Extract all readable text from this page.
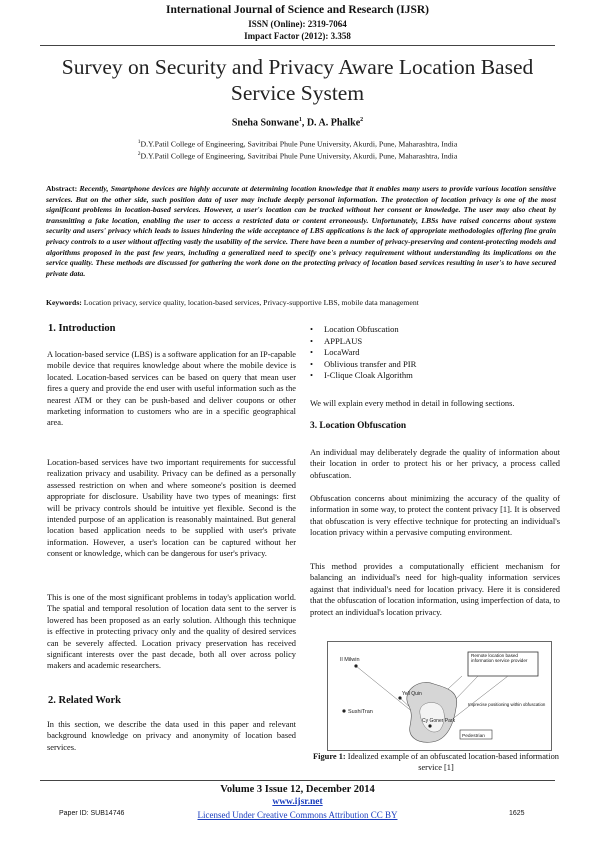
International Journal of Science and Research (IJSR)
ISSN (Online): 2319-7064
Impact Factor (2012): 3.358
Survey on Security and Privacy Aware Location Based Service System
Sneha Sonwane$^1$, D. A. Phalke$^2$
$^1$D.Y.Patil College of Engineering, Savitribai Phule Pune University, Akurdi, Pune, Maharashtra, India
$^2$D.Y.Patil College of Engineering, Savitribai Phule Pune University, Akurdi, Pune, Maharashtra, India
Abstract: Recently, Smartphone devices are highly accurate at determining location knowledge that it enables many users to provide various location sensitive services. But on the other side, such position data of user may include deeply personal information. The protection of location privacy is one of the most significant problems in location-based services. However, a user's location can be tracked without her consent or knowledge. The user may also cheat by transmitting a fake location, enabling the user to access a restricted data or content erroneously. Unfortunately, LBSs have raised concerns about system security and users' privacy which leads to issues hindering the wide acceptance of LBS applications is the lack of appropriate methodologies offering fine grain privacy controls to a user without affecting vastly the usability of the service. There have been a number of privacy-preserving and content-protecting models and algorithms proposed in the past few years, including a generalized need to specify one's privacy requirement without understanding its implications on the service quality. These methods are discussed for gathering the work done on the protecting privacy of location based services resulting in user's to have secured private data.
Keywords: Location privacy, service quality, location-based services, Privacy-supportive LBS, mobile data management
1. Introduction
A location-based service (LBS) is a software application for an IP-capable mobile device that requires knowledge about where the mobile device is located. Location-based services can be based on query that mean user fires a query and provide the end user with useful information such as the nearest ATM or they can be push-based and deliver coupons or other marketing information to customers who are in a specific geographical area.
Location-based services have two important requirements for successful realization privacy and usability. Privacy can be defined as a personally assessed restriction on when and where someone's position is deemed appropriate for disclosure. Usability have two types of meanings: first will be privacy controls should be intuitive yet flexible. Second is the intended purpose of an application is reasonably maintained. But general location based application needs to be supplied with user's private information. However, a user's location can be captured without her consent or knowledge, which can be dangerous for user's privacy.
This is one of the most significant problems in today's application world. The spatial and temporal resolution of location data sent to the server is lowered has been proposed as an early solution. Although this technique is effective in protecting privacy only and the quality of desired services can be severely affected. Location privacy preservation has received significant interests over the past decade, both all over across policy makers and academic researchers.
2. Related Work
In this section, we describe the data used in this paper and relevant background knowledge on privacy and anonymity of location based services.
• Location Obfuscation
• APPLAUS
• LocaWard
• Oblivious transfer and PIR
• I-Clique Cloak Algorithm
We will explain every method in detail in following sections.
3. Location Obfuscation
An individual may deliberately degrade the quality of information about their location in order to protect his or her privacy, a process called obfuscation.
Obfuscation concerns about minimizing the accuracy of the quality of information in some way, to protect the content privacy [1]. It is observed that obfuscation is very effective technique for protecting an individual's location privacy within a pervasive computing environment.
This method provides a computationally efficient mechanism for balancing an individual's need for high-quality information services against that individual's need for location privacy. Here it is considered that the obfuscation of location information, using imperfection of data, to protect an individual's location privacy.
Remote location based information service provider
Il Milwin
Yell Quin
SushiTran
Cy Goner Park
Pedestrian
Imprecise positioning within obfuscation
Figure 1: Idealized example of an obfuscated location-based information service [1]
Volume 3 Issue 12, December 2014
www.ijsr.net
Paper ID: SUB14746	Licensed Under Creative Commons Attribution CC BY	1625
